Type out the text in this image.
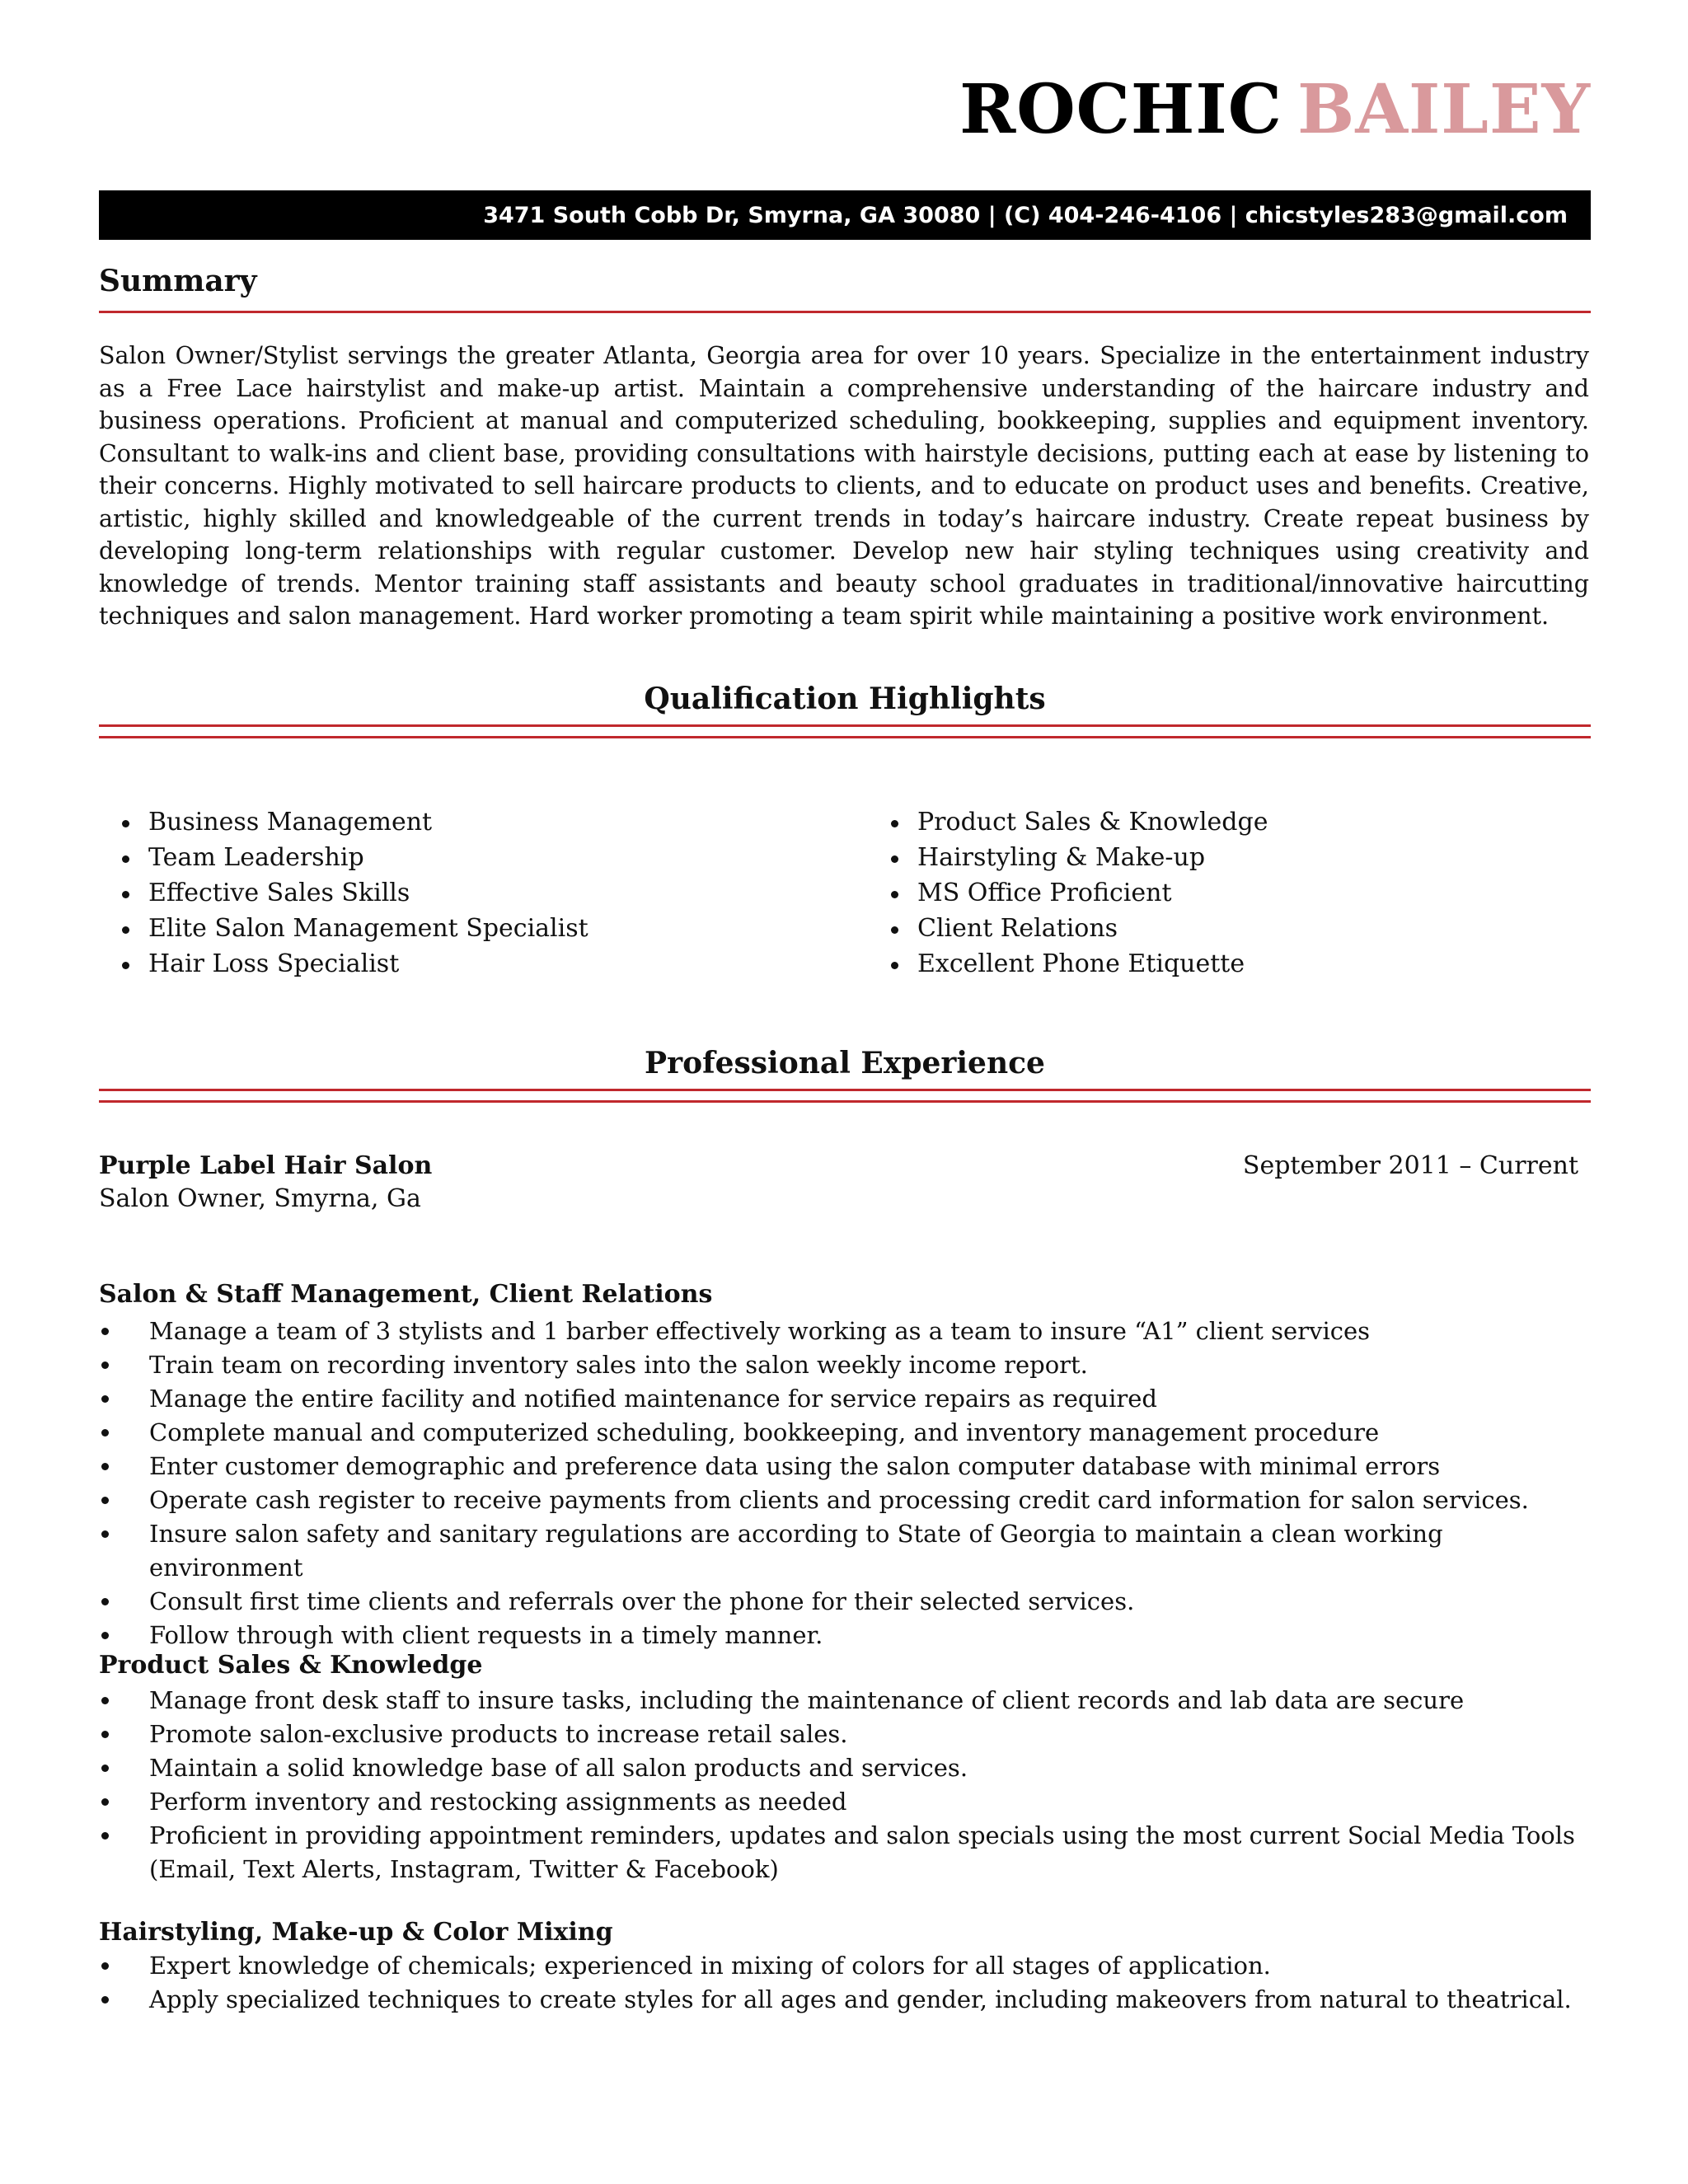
ROCHIC BAILEY
3471 South Cobb Dr, Smyrna, GA 30080 | (C) 404-246-4106 | chicstyles283@gmail.com
Summary

Salon Owner/Stylist servings the greater Atlanta, Georgia area for over 10 years. Specialize in the entertainment industry as a Free Lace hairstylist and make-up artist. Maintain a comprehensive understanding of the haircare industry and business operations. Proficient at manual and computerized scheduling, bookkeeping, supplies and equipment inventory. Consultant to walk-ins and client base, providing consultations with hairstyle decisions, putting each at ease by listening to their concerns. Highly motivated to sell haircare products to clients, and to educate on product uses and benefits. Creative, artistic, highly skilled and knowledgeable of the current trends in today’s haircare industry. Create repeat business by developing long-term relationships with regular customer. Develop new hair styling techniques using creativity and knowledge of trends. Mentor training staff assistants and beauty school graduates in traditional/innovative haircutting techniques and salon management. Hard worker promoting a team spirit while maintaining a positive work environment.

Qualification Highlights
Business Management
Team Leadership
Effective Sales Skills
Elite Salon Management Specialist
Hair Loss Specialist
Product Sales & Knowledge
Hairstyling & Make-up
MS Office Proficient
Client Relations
Excellent Phone Etiquette
Professional Experience
Purple Label Hair Salon	September 2011 – Current
Salon Owner, Smyrna, Ga
Salon & Staff Management, Client Relations
Manage a team of 3 stylists and 1 barber effectively working as a team to insure “A1” client services
Train team on recording inventory sales into the salon weekly income report.
Manage the entire facility and notified maintenance for service repairs as required
Complete manual and computerized scheduling, bookkeeping, and inventory management procedure
Enter customer demographic and preference data using the salon computer database with minimal errors
Operate cash register to receive payments from clients and processing credit card information for salon services.
Insure salon safety and sanitary regulations are according to State of Georgia to maintain a clean working environment
Consult first time clients and referrals over the phone for their selected services.
Follow through with client requests in a timely manner.
Product Sales & Knowledge
Manage front desk staff to insure tasks, including the maintenance of client records and lab data are secure
Promote salon-exclusive products to increase retail sales.
Maintain a solid knowledge base of all salon products and services.
Perform inventory and restocking assignments as needed
Proficient in providing appointment reminders, updates and salon specials using the most current Social Media Tools (Email, Text Alerts, Instagram, Twitter & Facebook)
Hairstyling, Make-up & Color Mixing
Expert knowledge of chemicals; experienced in mixing of colors for all stages of application.
Apply specialized techniques to create styles for all ages and gender, including makeovers from natural to theatrical.
